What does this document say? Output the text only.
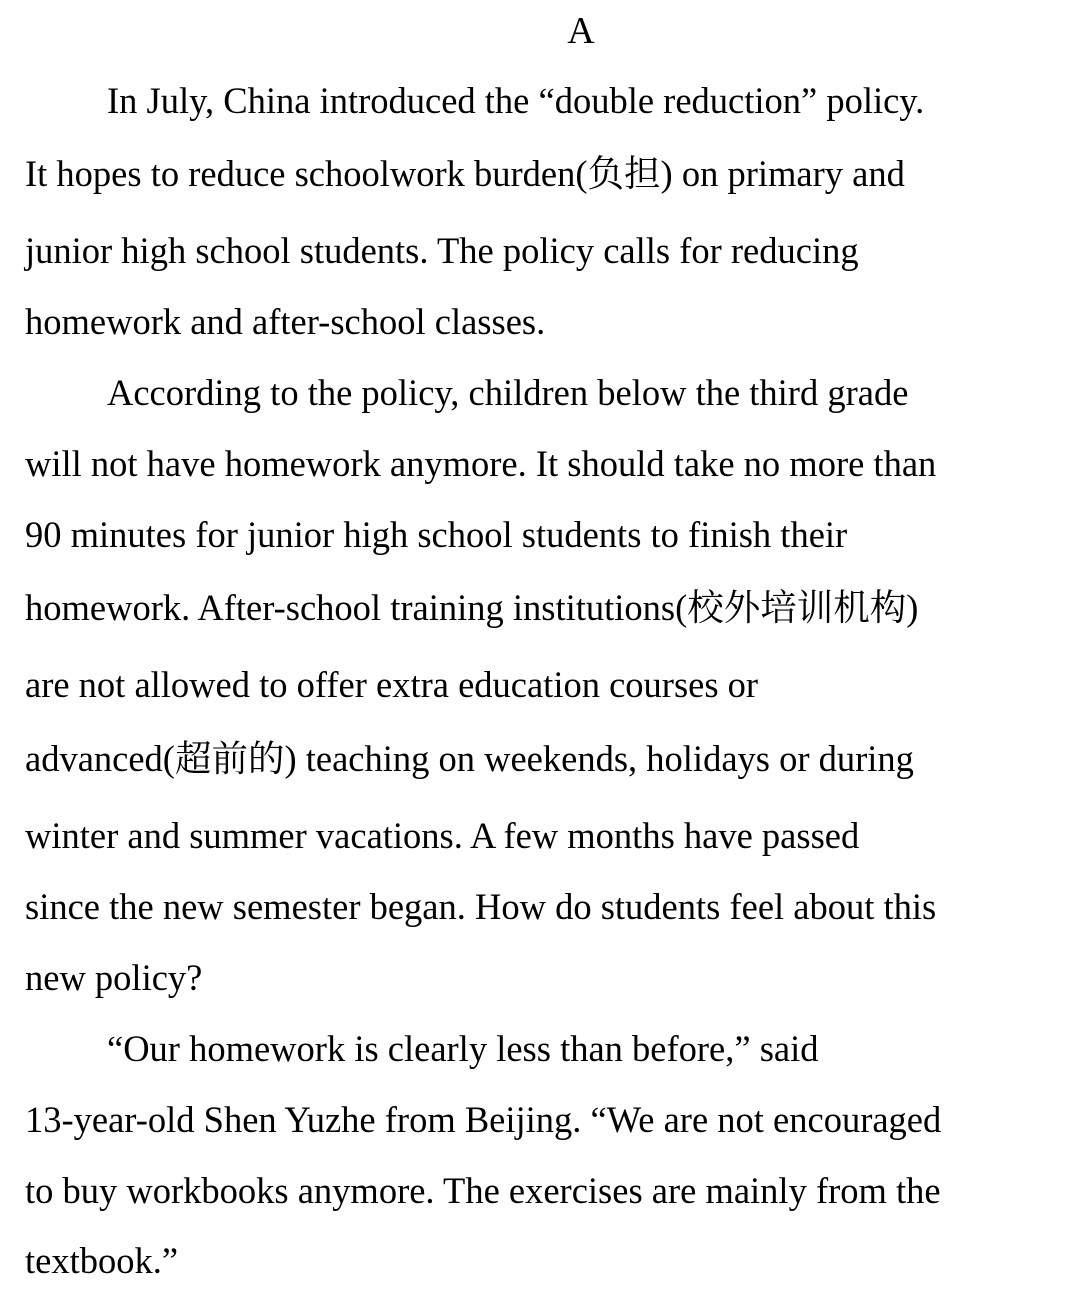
A

In July, China introduced the “double reduction” policy.

It hopes to reduce schoolwork burden(负担) on primary and

junior high school students. The policy calls for reducing

homework and after-school classes.

According to the policy, children below the third grade

will not have homework anymore. It should take no more than

90 minutes for junior high school students to finish their

homework. After-school training institutions(校外培训机构)

are not allowed to offer extra education courses or

advanced(超前的) teaching on weekends, holidays or during

winter and summer vacations. A few months have passed

since the new semester began. How do students feel about this

new policy?

“Our homework is clearly less than before,” said

13-year-old Shen Yuzhe from Beijing. “We are not encouraged

to buy workbooks anymore. The exercises are mainly from the

textbook.”
